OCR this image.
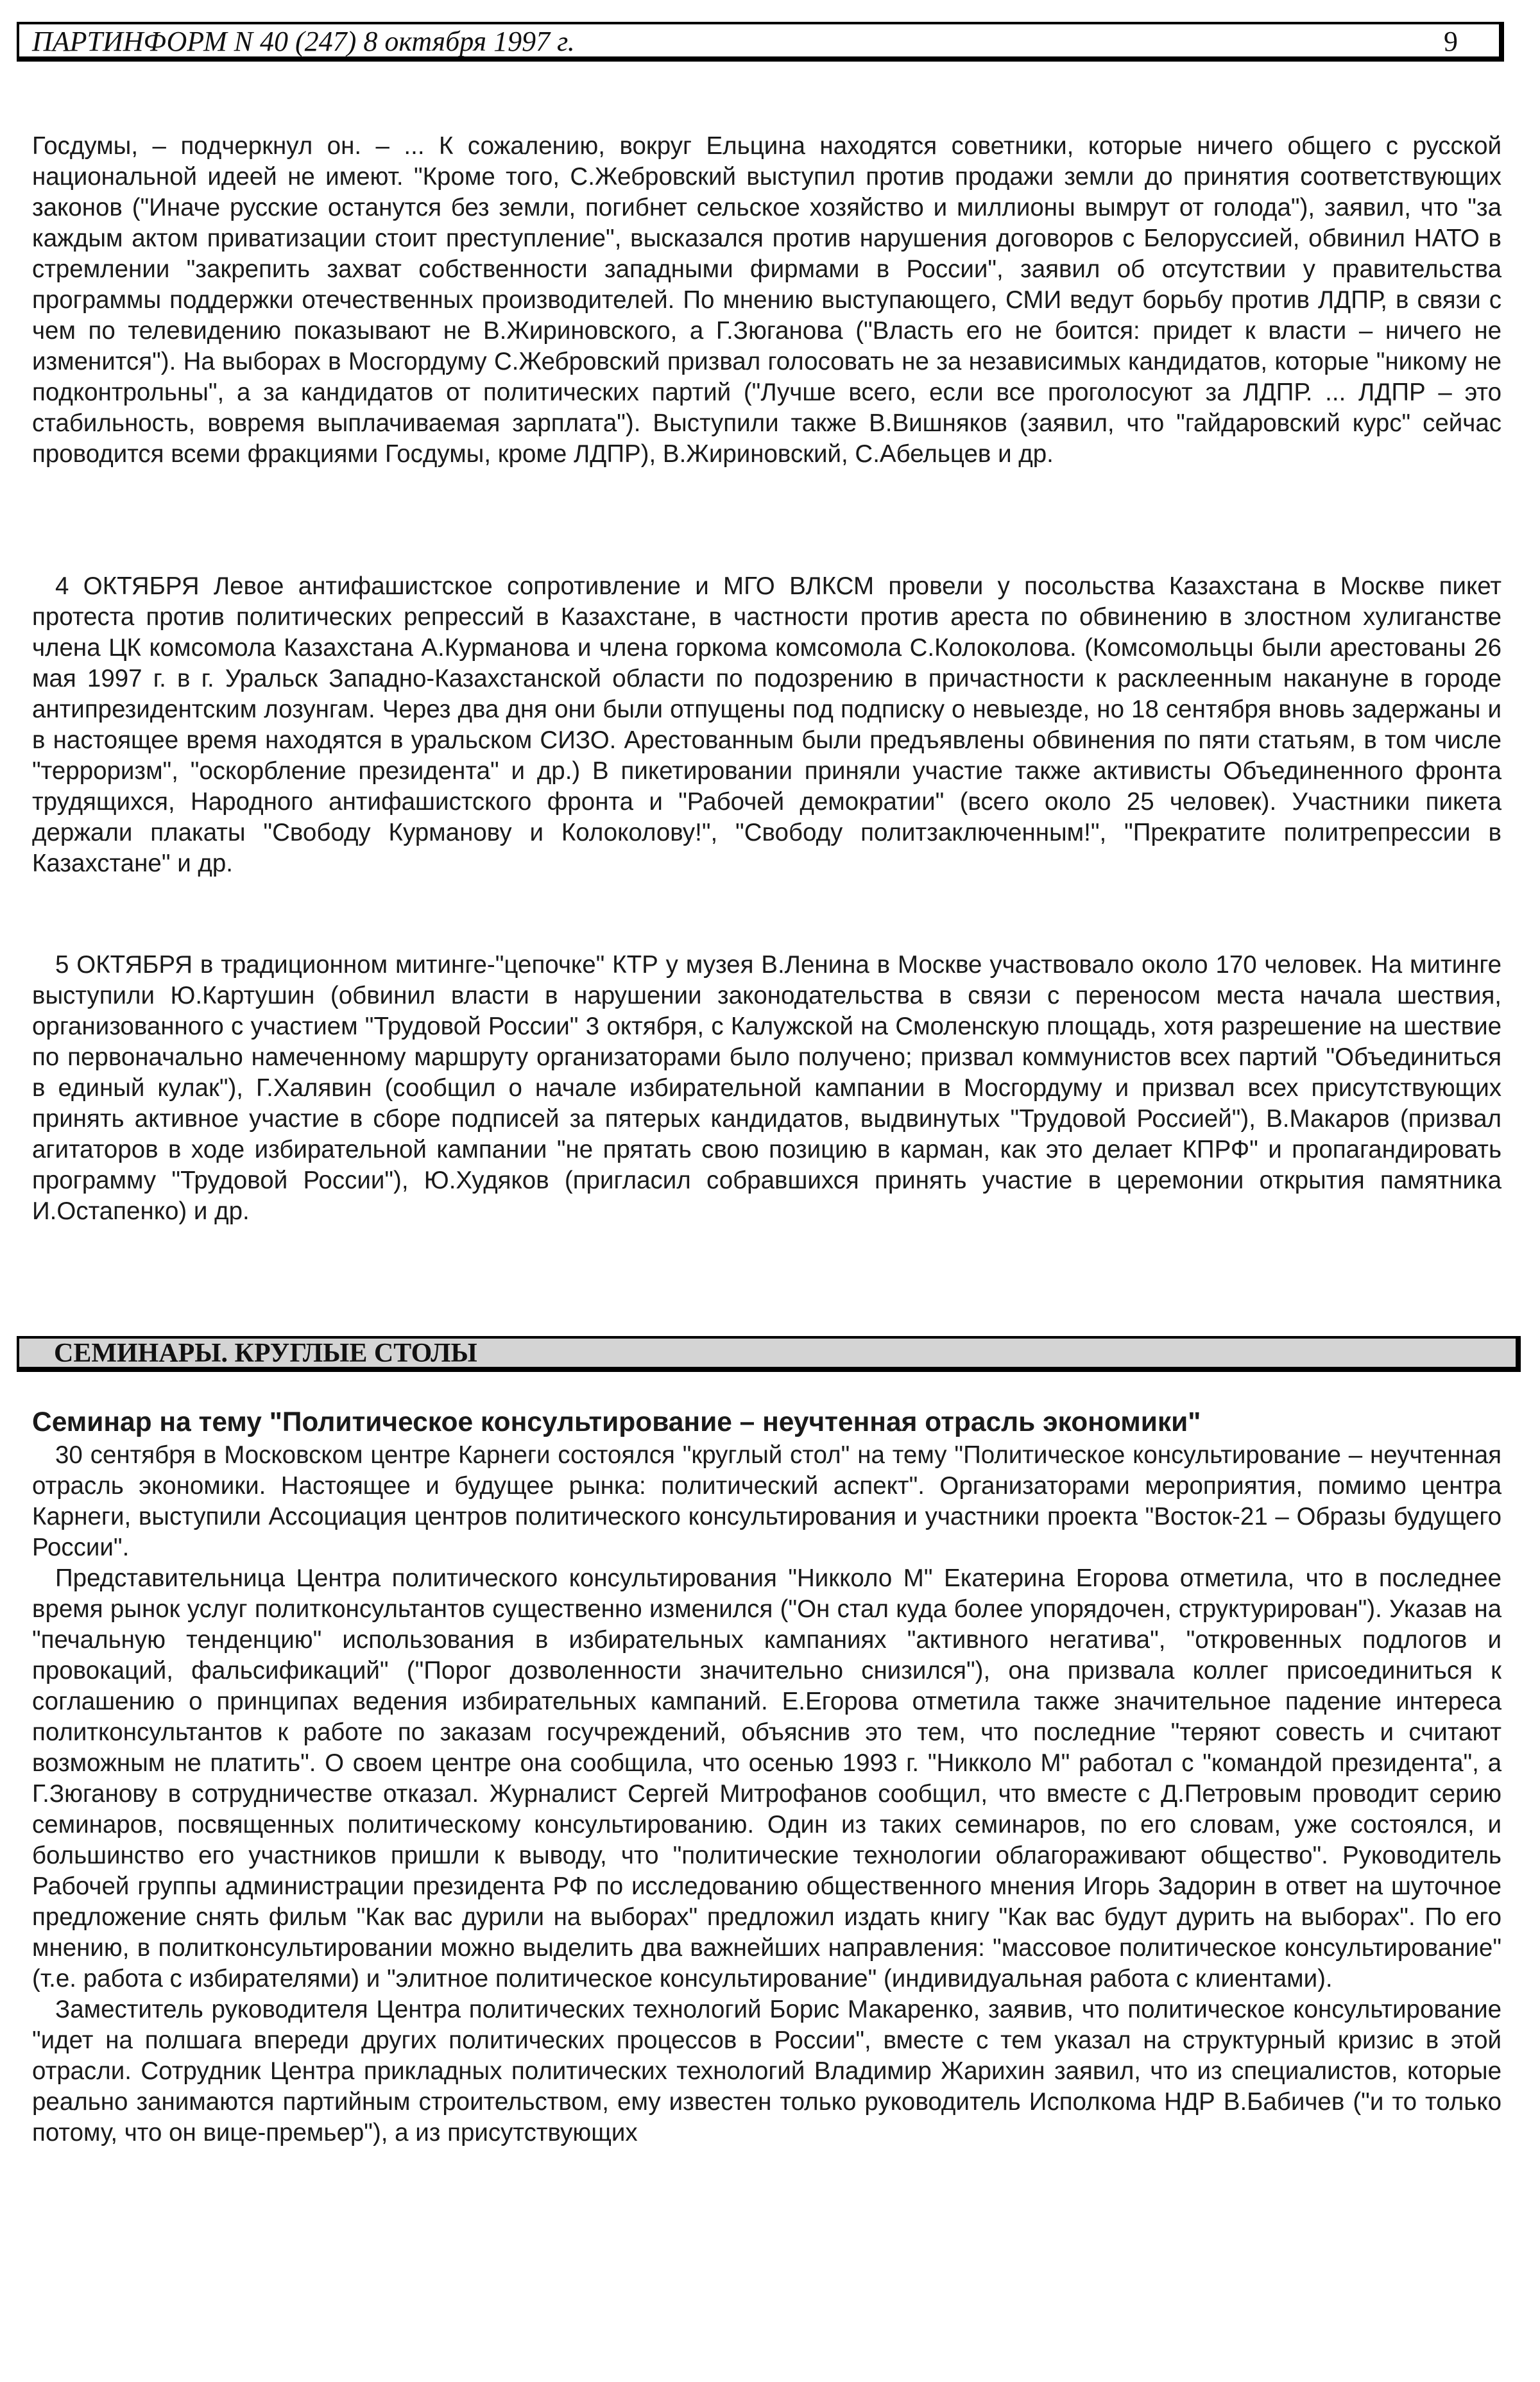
ПАРТИНФОРМ N 40 (247) 8 октября 1997 г.	9

Госдумы, – подчеркнул он. – ... К сожалению, вокруг Ельцина находятся советники, которые ничего общего с русской национальной идеей не имеют. "Кроме того, С.Жебровский выступил против продажи земли до принятия соответствующих законов ("Иначе русские останутся без земли, погибнет сельское хозяйство и миллионы вымрут от голода"), заявил, что "за каждым актом приватизации стоит преступление", высказался против нарушения договоров с Белоруссией, обвинил НАТО в стремлении "закрепить захват собственности западными фирмами в России", заявил об отсутствии у правительства программы поддержки отечественных производителей. По мнению выступающего, СМИ ведут борьбу против ЛДПР, в связи с чем по телевидению показывают не В.Жириновского, а Г.Зюганова ("Власть его не боится: придет к власти – ничего не изменится"). На выборах в Мосгордуму С.Жебровский призвал голосовать не за независимых кандидатов, которые "никому не подконтрольны", а за кандидатов от политических партий ("Лучше всего, если все проголосуют за ЛДПР. ... ЛДПР – это стабильность, вовремя выплачиваемая зарплата"). Выступили также В.Вишняков (заявил, что "гайдаровский курс" сейчас проводится всеми фракциями Госдумы, кроме ЛДПР), В.Жириновский, С.Абельцев и др.

4 ОКТЯБРЯ Левое антифашистское сопротивление и МГО ВЛКСМ провели у посольства Казахстана в Москве пикет протеста против политических репрессий в Казахстане, в частности против ареста по обвинению в злостном хулиганстве члена ЦК комсомола Казахстана А.Курманова и члена горкома комсомола С.Колоколова. (Комсомольцы были арестованы 26 мая 1997 г. в г. Уральск Западно-Казахстанской области по подозрению в причастности к расклеенным накануне в городе антипрезидентским лозунгам. Через два дня они были отпущены под подписку о невыезде, но 18 сентября вновь задержаны и в настоящее время находятся в уральском СИЗО. Арестованным были предъявлены обвинения по пяти статьям, в том числе "терроризм", "оскорбление президента" и др.) В пикетировании приняли участие также активисты Объединенного фронта трудящихся, Народного антифашистского фронта и "Рабочей демократии" (всего около 25 человек). Участники пикета держали плакаты "Свободу Курманову и Колоколову!", "Свободу политзаключенным!", "Прекратите политрепрессии в Казахстане" и др.

5 ОКТЯБРЯ в традиционном митинге-"цепочке" КТР у музея В.Ленина в Москве участвовало около 170 человек. На митинге выступили Ю.Картушин (обвинил власти в нарушении законодательства в связи с переносом места начала шествия, организованного с участием "Трудовой России" 3 октября, с Калужской на Смоленскую площадь, хотя разрешение на шествие по первоначально намеченному маршруту организаторами было получено; призвал коммунистов всех партий "Объединиться в единый кулак"), Г.Халявин (сообщил о начале избирательной кампании в Мосгордуму и призвал всех присутствующих принять активное участие в сборе подписей за пятерых кандидатов, выдвинутых "Трудовой Россией"), В.Макаров (призвал агитаторов в ходе избирательной кампании "не прятать свою позицию в карман, как это делает КПРФ" и пропагандировать программу "Трудовой России"), Ю.Худяков (пригласил собравшихся принять участие в церемонии открытия памятника И.Остапенко) и др.

СЕМИНАРЫ. КРУГЛЫЕ СТОЛЫ

Семинар на тему "Политическое консультирование – неучтенная отрасль экономики"

30 сентября в Московском центре Карнеги состоялся "круглый стол" на тему "Политическое консультирование – неучтенная отрасль экономики. Настоящее и будущее рынка: политический аспект". Организаторами мероприятия, помимо центра Карнеги, выступили Ассоциация центров политического консультирования и участники проекта "Восток-21 – Образы будущего России".

Представительница Центра политического консультирования "Никколо М" Екатерина Егорова отметила, что в последнее время рынок услуг политконсультантов существенно изменился ("Он стал куда более упорядочен, структурирован"). Указав на "печальную тенденцию" использования в избирательных кампаниях "активного негатива", "откровенных подлогов и провокаций, фальсификаций" ("Порог дозволенности значительно снизился"), она призвала коллег присоединиться к соглашению о принципах ведения избирательных кампаний. Е.Егорова отметила также значительное падение интереса политконсультантов к работе по заказам госучреждений, объяснив это тем, что последние "теряют совесть и считают возможным не платить". О своем центре она сообщила, что осенью 1993 г. "Никколо М" работал с "командой президента", а Г.Зюганову в сотрудничестве отказал. Журналист Сергей Митрофанов сообщил, что вместе с Д.Петровым проводит серию семинаров, посвященных политическому консультированию. Один из таких семинаров, по его словам, уже состоялся, и большинство его участников пришли к выводу, что "политические технологии облагораживают общество". Руководитель Рабочей группы администрации президента РФ по исследованию общественного мнения Игорь Задорин в ответ на шуточное предложение снять фильм "Как вас дурили на выборах" предложил издать книгу "Как вас будут дурить на выборах". По его мнению, в политконсультировании можно выделить два важнейших направления: "массовое политическое консультирование" (т.е. работа с избирателями) и "элитное политическое консультирование" (индивидуальная работа с клиентами).

Заместитель руководителя Центра политических технологий Борис Макаренко, заявив, что политическое консультирование "идет на полшага впереди других политических процессов в России", вместе с тем указал на структурный кризис в этой отрасли. Сотрудник Центра прикладных политических технологий Владимир Жарихин заявил, что из специалистов, которые реально занимаются партийным строительством, ему известен только руководитель Исполкома НДР В.Бабичев ("и то только потому, что он вице-премьер"), а из присутствующих
